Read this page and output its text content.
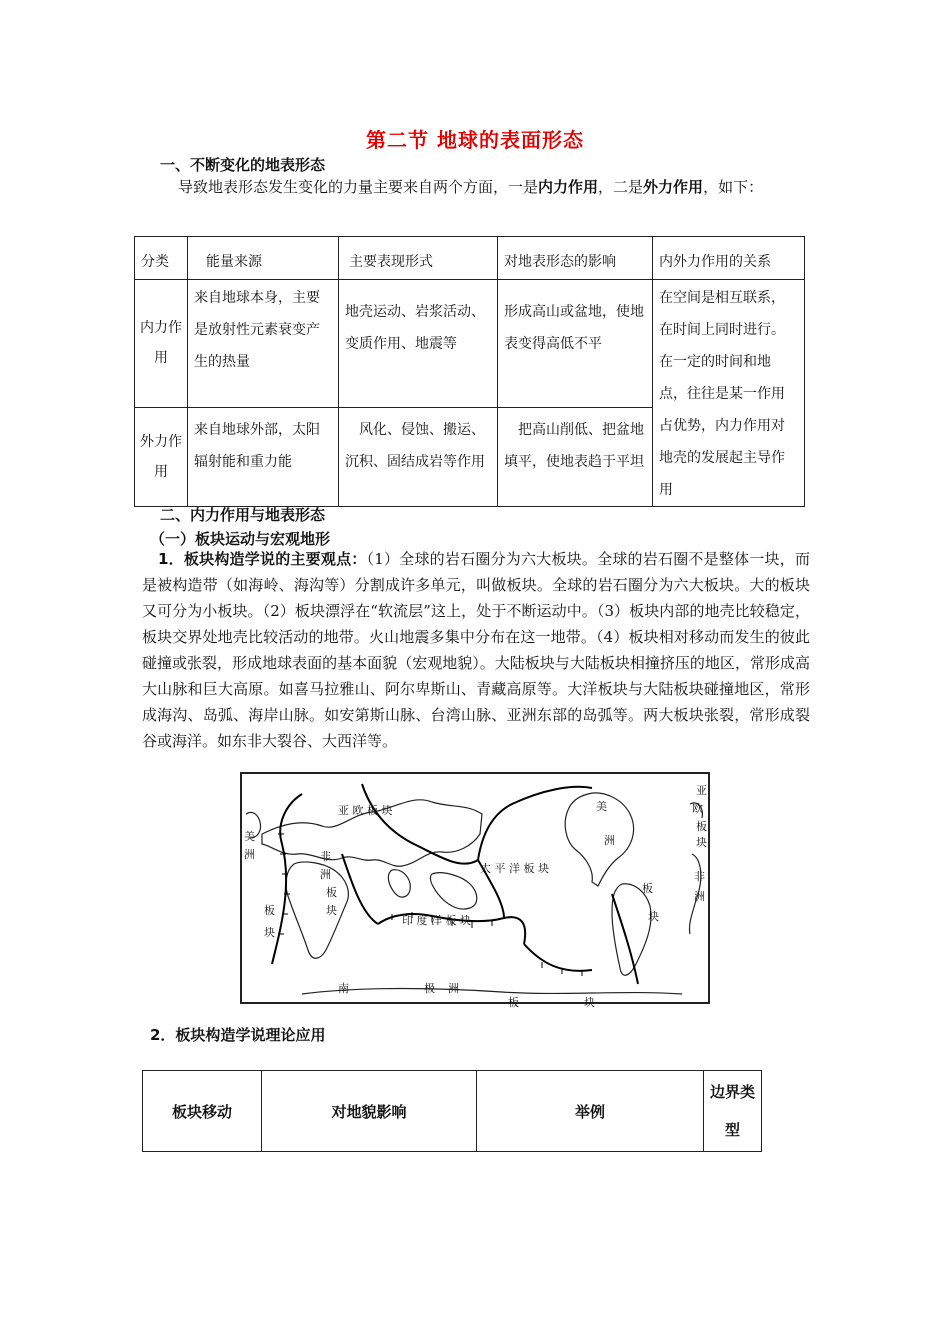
第二节 地球的表面形态
一、不断变化的地表形态
导致地表形态发生变化的力量主要来自两个方面，一是内力作用，二是外力作用，如下：
分类	能量来源	主要表现形式	对地表形态的影响	内外力作用的关系
内力作用	来自地球本身，主要是放射性元素衰变产生的热量	地壳运动、岩浆活动、变质作用、地震等	形成高山或盆地，使地表变得高低不平	在空间是相互联系，在时间上同时进行。在一定的时间和地点，往往是某一作用占优势，内力作用对地壳的发展起主导作用
外力作用	来自地球外部，太阳辐射能和重力能	风化、侵蚀、搬运、沉积、固结成岩等作用	把高山削低、把盆地填平，使地表趋于平坦	
二、内力作用与地表形态
（一）板块运动与宏观地形
1．板块构造学说的主要观点：（1）全球的岩石圈分为六大板块。全球的岩石圈不是整体一块，而是被构造带（如海岭、海沟等）分割成许多单元，叫做板块。全球的岩石圈分为六大板块。大的板块又可分为小板块。（2）板块漂浮在“软流层”这上，处于不断运动中。（3）板块内部的地壳比较稳定，板块交界处地壳比较活动的地带。火山地震多集中分布在这一地带。（4）板块相对移动而发生的彼此碰撞或张裂，形成地球表面的基本面貌（宏观地貌）。大陆板块与大陆板块相撞挤压的地区，常形成高大山脉和巨大高原。如喜马拉雅山、阿尔卑斯山、青藏高原等。大洋板块与大陆板块碰撞地区，常形成海沟、岛弧、海岸山脉。如安第斯山脉、台湾山脉、亚洲东部的岛弧等。两大板块张裂，常形成裂谷或海洋。如东非大裂谷、大西洋等。
亚 欧 板 块
太 平 洋 板 块
印 度 洋 板 块
南	极 洲
板	块
非
洲
板
块
美
洲
板
块
美
洲
板
块
亚
欧
板
块
非
洲
2．板块构造学说理论应用
板块移动	对地貌影响	举例	边界类型
